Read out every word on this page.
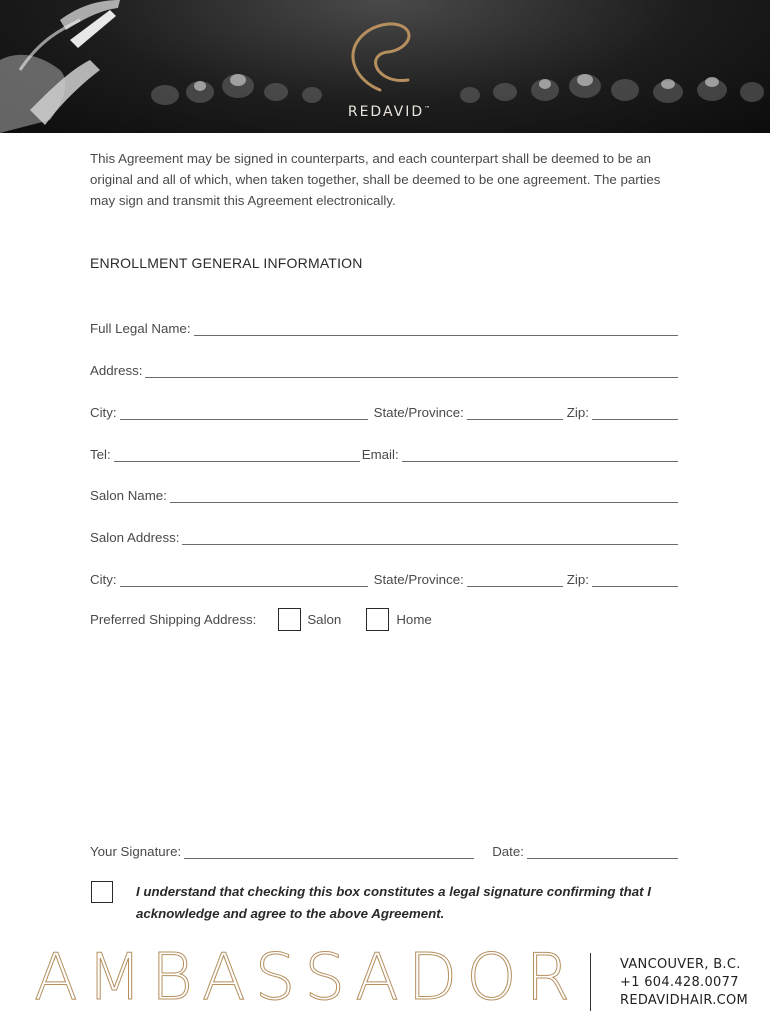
REDAVID™
This Agreement may be signed in counterparts, and each counterpart shall be deemed to be an original and all of which, when taken together, shall be deemed to be one agreement. The parties may sign and transmit this Agreement electronically.
ENROLLMENT GENERAL INFORMATION
Full Legal Name:
Address:
City:	State/Province:	Zip:
Tel:	Email:
Salon Name:
Salon Address:
City:	State/Province:	Zip:
Preferred Shipping Address:	Salon	Home
Your Signature:	Date:
I understand that checking this box constitutes a legal signature confirming that I acknowledge and agree to the above Agreement.
AMBASSADOR	VANCOUVER, B.C.
+1 604.428.0077
REDAVIDHAIR.COM
